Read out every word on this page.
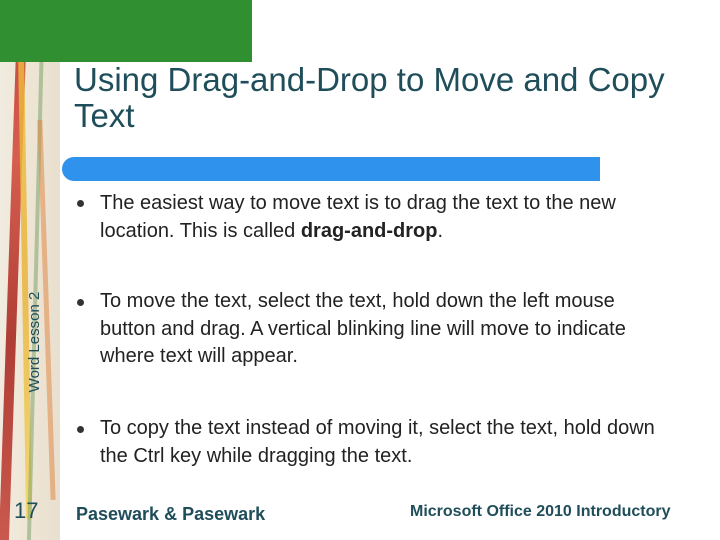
Using Drag-and-Drop to Move and Copy Text
Word Lesson 2
17
The easiest way to move text is to drag the text to the new location. This is called drag-and-drop.
To move the text, select the text, hold down the left mouse button and drag. A vertical blinking line will move to indicate where text will appear.
To copy the text instead of moving it, select the text, hold down the Ctrl key while dragging the text.
Pasewark & Pasewark	Microsoft Office 2010 Introductory
